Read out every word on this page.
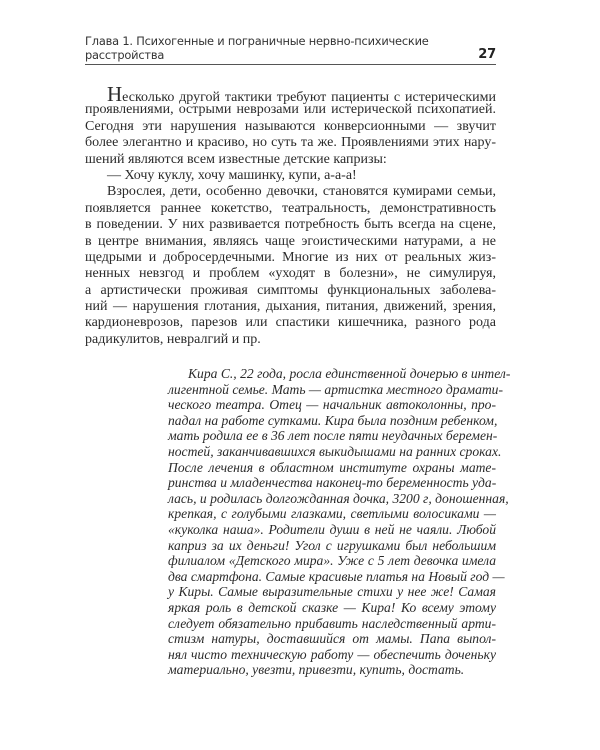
Глава 1. Психогенные и пограничные нервно-психические расстройства	27
Несколько другой тактики требуют пациенты с истерическими
проявлениями, острыми неврозами или истерической психопатией.
Сегодня эти нарушения называются конверсионными — звучит
более элегантно и красиво, но суть та же. Проявлениями этих нару-
шений являются всем известные детские капризы:
— Хочу куклу, хочу машинку, купи, а-а-а!
Взрослея, дети, особенно девочки, становятся кумирами семьи,
появляется раннее кокетство, театральность, демонстративность
в поведении. У них развивается потребность быть всегда на сцене,
в центре внимания, являясь чаще эгоистическими натурами, а не
щедрыми и добросердечными. Многие из них от реальных жиз-
ненных невзгод и проблем «уходят в болезни», не симулируя,
а артистически проживая симптомы функциональных заболева-
ний — нарушения глотания, дыхания, питания, движений, зрения,
кардионеврозов, парезов или спастики кишечника, разного рода
радикулитов, невралгий и пр.
Кира С., 22 года, росла единственной дочерью в интел-
лигентной семье. Мать — артистка местного драмати-
ческого театра. Отец — начальник автоколонны, про-
падал на работе сутками. Кира была поздним ребенком,
мать родила ее в 36 лет после пяти неудачных беремен-
ностей, заканчивавшихся выкидышами на ранних сроках.
После лечения в областном институте охраны мате-
ринства и младенчества наконец-то беременность уда-
лась, и родилась долгожданная дочка, 3200 г, доношенная,
крепкая, с голубыми глазками, светлыми волосиками —
«куколка наша». Родители души в ней не чаяли. Любой
каприз за их деньги! Угол с игрушками был небольшим
филиалом «Детского мира». Уже с 5 лет девочка имела
два смартфона. Самые красивые платья на Новый год —
у Киры. Самые выразительные стихи у нее же! Самая
яркая роль в детской сказке — Кира! Ко всему этому
следует обязательно прибавить наследственный арти-
стизм натуры, доставшийся от мамы. Папа выпол-
нял чисто техническую работу — обеспечить доченьку
материально, увезти, привезти, купить, достать.
